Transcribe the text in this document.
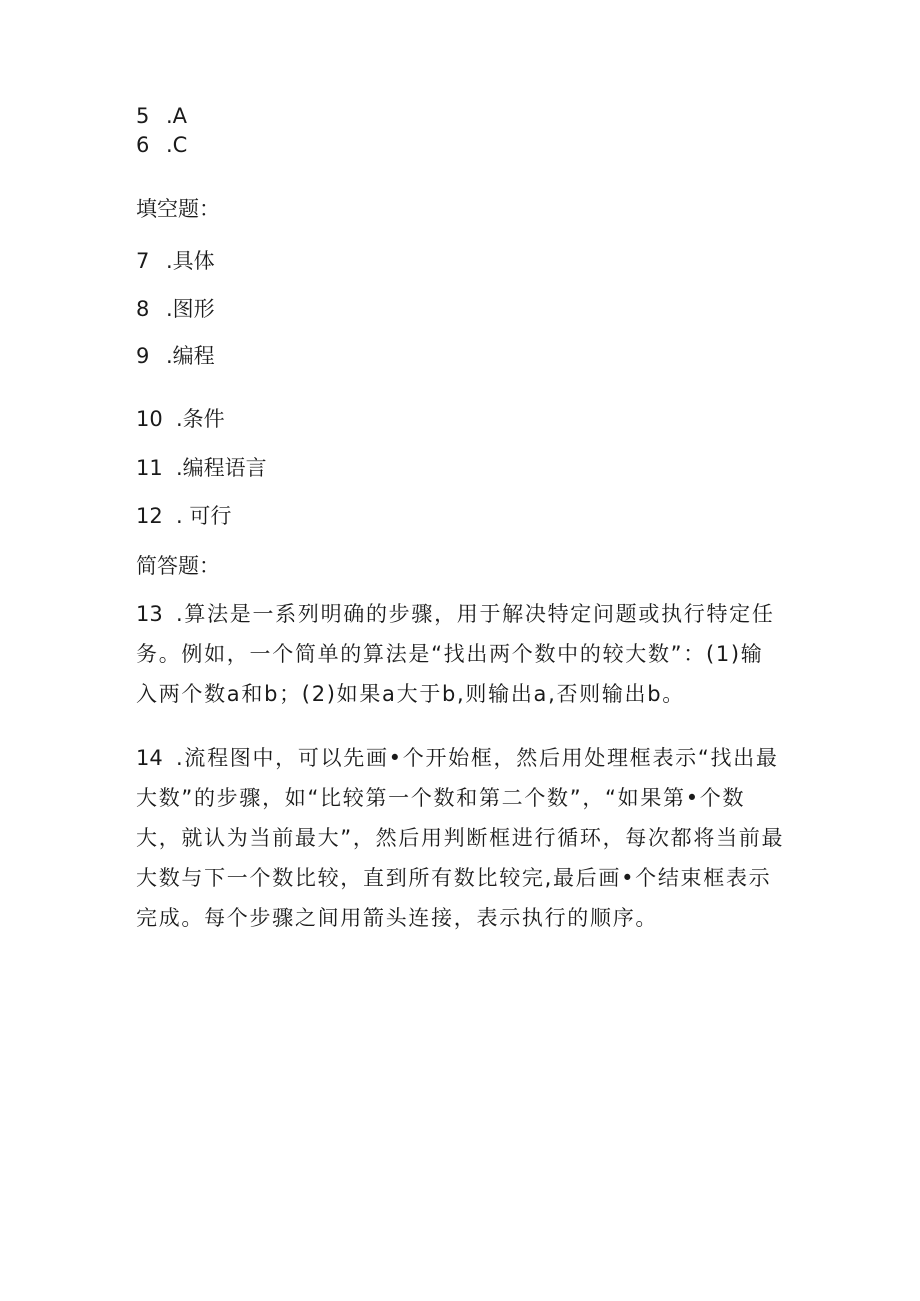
5 .A
6 .C
填空题：
7 .具体
8 .图形
9 .编程
10 .条件
11 .编程语言
12 . 可行
简答题：
13 .算法是一系列明确的步骤，用于解决特定问题或执行特定任务。例如，一个简单的算法是“找出两个数中的较大数”：(1)输入两个数a和b；(2)如果a大于b,则输出a,否则输出b。
14 .流程图中，可以先画•个开始框，然后用处理框表示“找出最大数”的步骤，如“比较第一个数和第二个数”，“如果第•个数大，就认为当前最大”，然后用判断框进行循环，每次都将当前最大数与下一个数比较，直到所有数比较完,最后画•个结束框表示完成。每个步骤之间用箭头连接，表示执行的顺序。
